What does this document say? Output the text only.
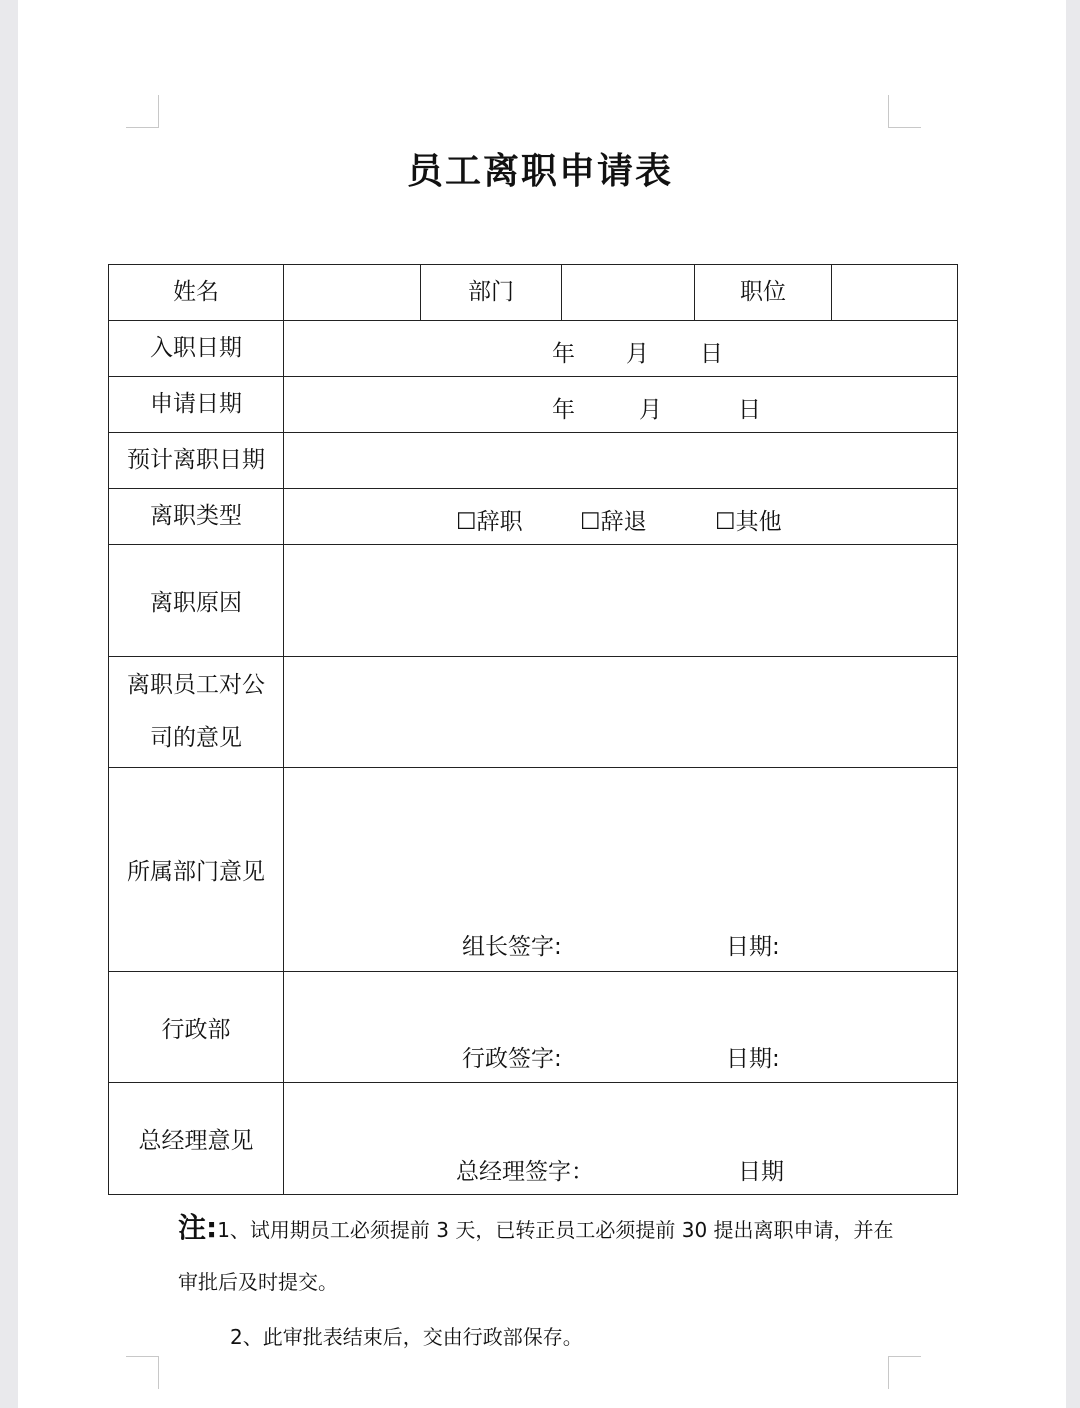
员工离职申请表
姓名		部门		职位	
入职日期	年 月 日				

申请日期	年 月 日				

预计离职日期					
离职类型	☐辞职 ☐辞退 ☐其他				

离职原因					

离职员工对公
司的意见					

所属部门意见	组长签字: 日期:				

行政部	行政签字: 日期:				

总经理意见	总经理签字： 日期				
注:1、试用期员工必须提前 3 天，已转正员工必须提前 30 提出离职申请，并在
审批后及时提交。
2、此审批表结束后，交由行政部保存。
